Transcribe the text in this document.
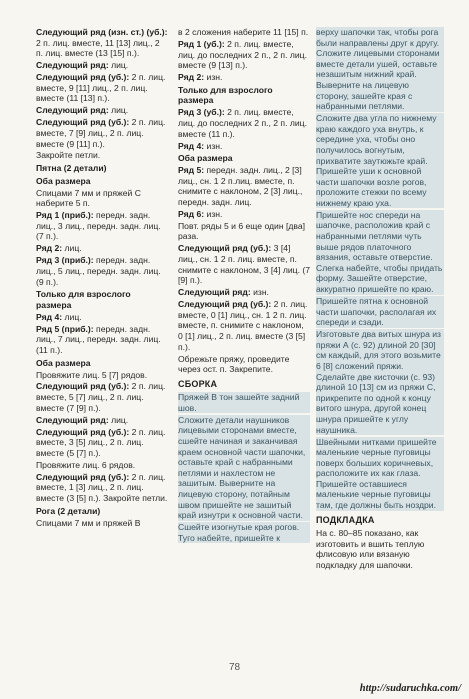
Следующий ряд (изн. ст.) (уб.): 2 п. лиц. вместе, 11 [13] лиц., 2 п. лиц. вместе (13 [15] п.).
Следующий ряд: лиц.
Следующий ряд (уб.): 2 п. лиц. вместе, 9 [11] лиц., 2 п. лиц. вместе (11 [13] п.).
Следующий ряд: лиц.
Следующий ряд (уб.): 2 п. лиц. вместе, 7 [9] лиц., 2 п. лиц. вместе (9 [11] п.).
Закройте петли.
Пятна (2 детали)
Оба размера
Спицами 7 мм и пряжей С наберите 5 п.
Ряд 1 (приб.): передн. задн. лиц., 3 лиц., передн. задн. лиц. (7 п.).
Ряд 2: лиц.
Ряд 3 (приб.): передн. задн. лиц., 5 лиц., передн. задн. лиц. (9 п.).
Только для взрослого размера
Ряд 4: лиц.
Ряд 5 (приб.): передн. задн. лиц., 7 лиц., передн. задн. лиц. (11 п.).
Оба размера
Провяжите лиц. 5 [7] рядов.
Следующий ряд (уб.): 2 п. лиц. вместе, 5 [7] лиц., 2 п. лиц. вместе (7 [9] п.).
Следующий ряд: лиц.
Следующий ряд (уб.): 2 п. лиц. вместе, 3 [5] лиц., 2 п. лиц. вместе (5 [7] п.).
Провяжите лиц. 6 рядов.
Следующий ряд (уб.): 2 п. лиц. вместе, 1 [3] лиц., 2 п. лиц. вместе (3 [5] п.). Закройте петли.
Рога (2 детали)
Спицами 7 мм и пряжей В
в 2 сложения наберите 11 [15] п.
Ряд 1 (уб.): 2 п. лиц. вместе, лиц. до последних 2 п., 2 п. лиц. вместе (9 [13] п.).
Ряд 2: изн.
Только для взрослого размера
Ряд 3 (уб.): 2 п. лиц. вместе, лиц. до последних 2 п., 2 п. лиц. вместе (11 п.).
Ряд 4: изн.
Оба размера
Ряд 5: передн. задн. лиц., 2 [3] лиц., сн. 1 2 п.лиц. вместе, п. снимите с наклоном, 2 [3] лиц., передн. задн. лиц.
Ряд 6: изн.
Повт. ряды 5 и 6 еще один [два] раза.
Следующий ряд (уб.): 3 [4] лиц., сн. 1 2 п. лиц. вместе, п. снимите с наклоном, 3 [4] лиц. (7 [9] п.).
Следующий ряд: изн.
Следующий ряд (уб.): 2 п. лиц. вместе, 0 [1] лиц., сн. 1 2 п. лиц. вместе, п. снимите с наклоном, 0 [1] лиц., 2 п. лиц. вместе (3 [5] п.).
Обрежьте пряжу, проведите через ост. п. Закрепите.
СБОРКА
Пряжей В тон зашейте задний шов.
Сложите детали наушников лицевыми сторонами вместе, сшейте начиная и заканчивая краем основной части шапочки, оставьте край с набранными петлями и нахлестом не зашитым. Выверните на лицевую сторону, потайным швом пришейте не зашитый край изнутри к основной части.
Сшейте изогнутые края рогов. Туго набейте, пришейте к
верху шапочки так, чтобы рога были направлены друг к другу. Сложите лицевыми сторонами вместе детали ушей, оставьте незашитым нижний край. Выверните на лицевую сторону, зашейте края с набранными петлями.
Сложите два угла по нижнему краю каждого уха внутрь, к середине уха, чтобы оно получилось вогнутым, прихватите заутюжьте край. Пришейте уши к основной части шапочки возле рогов, проложите стежки по всему нижнему краю уха.
Пришейте нос спереди на шапочке, расположив край с набранными петлями чуть выше рядов платочного вязания, оставьте отверстие. Слегка набейте, чтобы придать форму. Зашейте отверстие, аккуратно пришейте по краю.
Пришейте пятна к основной части шапочки, располагая их спереди и сзади.
Изготовьте два витых шнура из пряжи А (с. 92) длиной 20 [30] см каждый, для этого возьмите 6 [8] сложений пряжи. Сделайте две кисточки (с. 93) длиной 10 [13] см из пряжи С, прикрепите по одной к концу витого шнура, другой конец шнура пришейте к углу наушника.
Швейными нитками пришейте маленькие черные пуговицы поверх больших коричневых, расположите их как глаза. Пришейте оставшиеся маленькие черные пуговицы там, где должны быть ноздри.
ПОДКЛАДКА
На с. 80–85 показано, как изготовить и вшить теплую флисовую или вязаную подкладку для шапочки.
78
http://sudaruchka.com/
